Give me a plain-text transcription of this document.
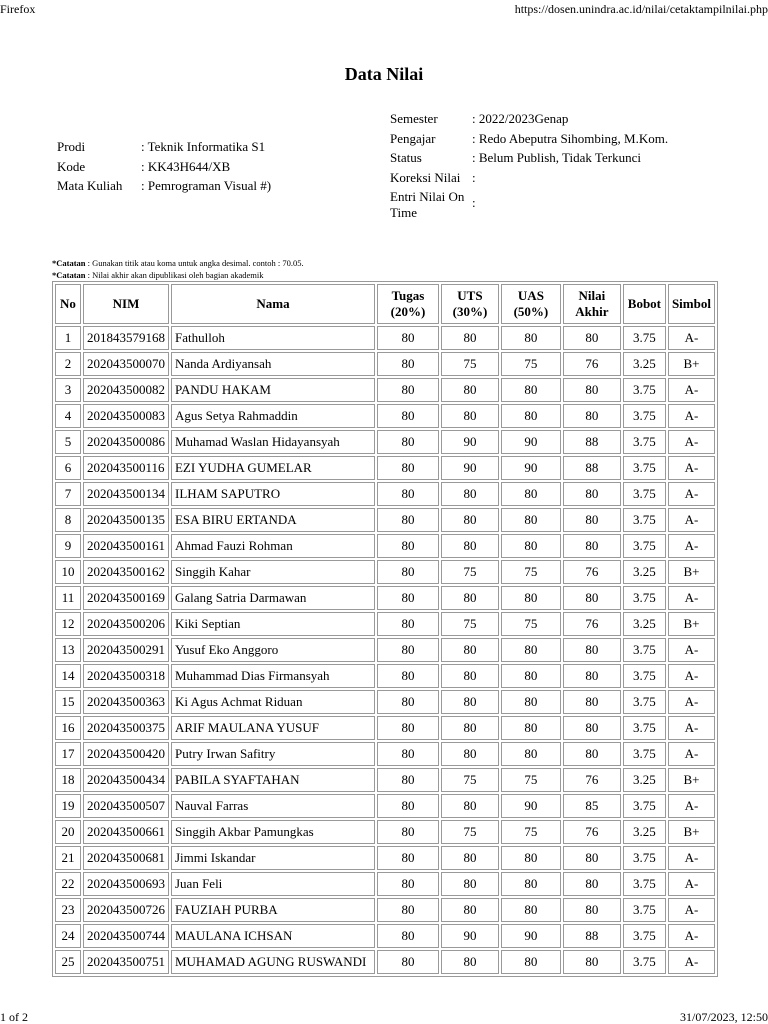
Firefox	https://dosen.unindra.ac.id/nilai/cetaktampilnilai.php
Data Nilai
Prodi	: Teknik Informatika S1
Kode	: KK43H644/XB
Mata Kuliah	: Pemrograman Visual #)
Semester	: 2022/2023Genap
Pengajar	: Redo Abeputra Sihombing, M.Kom.
Status	: Belum Publish, Tidak Terkunci
Koreksi Nilai	:
Entri Nilai On Time	:
*Catatan : Gunakan titik atau koma untuk angka desimal. contoh : 70.05.
*Catatan : Nilai akhir akan dipublikasi oleh bagian akademik
No	NIM	Nama	Tugas (20%)	UTS (30%)	UAS (50%)	Nilai Akhir	Bobot	Simbol
1	201843579168	Fathulloh	80	80	80	80	3.75	A-
2	202043500070	Nanda Ardiyansah	80	75	75	76	3.25	B+
3	202043500082	PANDU HAKAM	80	80	80	80	3.75	A-
4	202043500083	Agus Setya Rahmaddin	80	80	80	80	3.75	A-
5	202043500086	Muhamad Waslan Hidayansyah	80	90	90	88	3.75	A-
6	202043500116	EZI YUDHA GUMELAR	80	90	90	88	3.75	A-
7	202043500134	ILHAM SAPUTRO	80	80	80	80	3.75	A-
8	202043500135	ESA BIRU ERTANDA	80	80	80	80	3.75	A-
9	202043500161	Ahmad Fauzi Rohman	80	80	80	80	3.75	A-
10	202043500162	Singgih Kahar	80	75	75	76	3.25	B+
11	202043500169	Galang Satria Darmawan	80	80	80	80	3.75	A-
12	202043500206	Kiki Septian	80	75	75	76	3.25	B+
13	202043500291	Yusuf Eko Anggoro	80	80	80	80	3.75	A-
14	202043500318	Muhammad Dias Firmansyah	80	80	80	80	3.75	A-
15	202043500363	Ki Agus Achmat Riduan	80	80	80	80	3.75	A-
16	202043500375	ARIF MAULANA YUSUF	80	80	80	80	3.75	A-
17	202043500420	Putry Irwan Safitry	80	80	80	80	3.75	A-
18	202043500434	PABILA SYAFTAHAN	80	75	75	76	3.25	B+
19	202043500507	Nauval Farras	80	80	90	85	3.75	A-
20	202043500661	Singgih Akbar Pamungkas	80	75	75	76	3.25	B+
21	202043500681	Jimmi Iskandar	80	80	80	80	3.75	A-
22	202043500693	Juan Feli	80	80	80	80	3.75	A-
23	202043500726	FAUZIAH PURBA	80	80	80	80	3.75	A-
24	202043500744	MAULANA ICHSAN	80	90	90	88	3.75	A-
25	202043500751	MUHAMAD AGUNG RUSWANDI	80	80	80	80	3.75	A-
1 of 2	31/07/2023, 12:50
